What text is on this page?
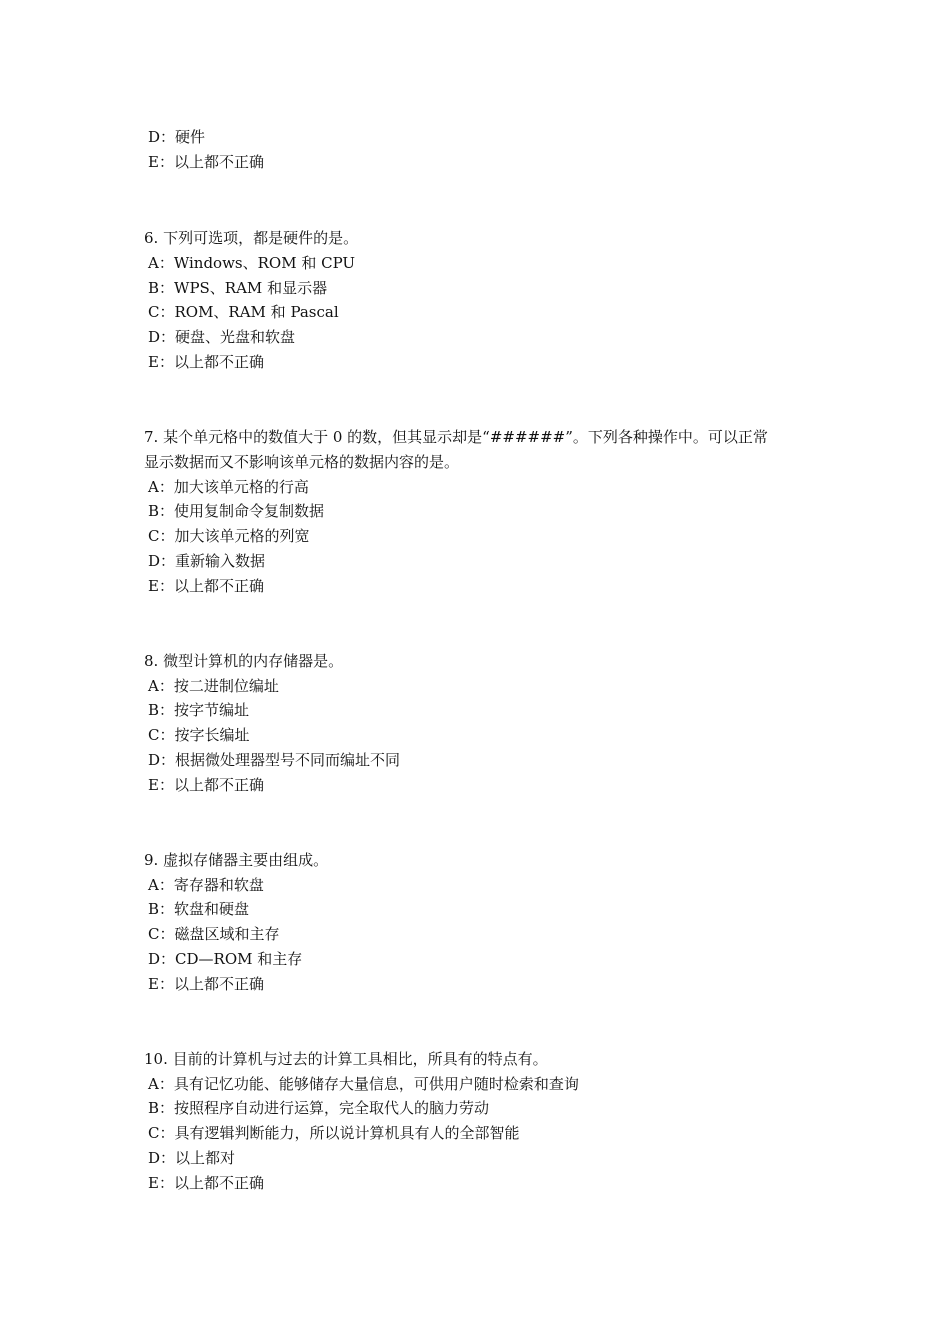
D：硬件
E：以上都不正确
6. 下列可选项，都是硬件的是。
A：Windows、ROM 和 CPU
B：WPS、RAM 和显示器
C：ROM、RAM 和 Pascal
D：硬盘、光盘和软盘
E：以上都不正确
7. 某个单元格中的数值大于 0 的数，但其显示却是“######”。下列各种操作中。可以正常
显示数据而又不影响该单元格的数据内容的是。
A：加大该单元格的行高
B：使用复制命令复制数据
C：加大该单元格的列宽
D：重新输入数据
E：以上都不正确
8. 微型计算机的内存储器是。
A：按二进制位编址
B：按字节编址
C：按字长编址
D：根据微处理器型号不同而编址不同
E：以上都不正确
9. 虚拟存储器主要由组成。
A：寄存器和软盘
B：软盘和硬盘
C：磁盘区域和主存
D：CD—ROM 和主存
E：以上都不正确
10. 目前的计算机与过去的计算工具相比，所具有的特点有。
A：具有记忆功能、能够储存大量信息，可供用户随时检索和查询
B：按照程序自动进行运算，完全取代人的脑力劳动
C：具有逻辑判断能力，所以说计算机具有人的全部智能
D：以上都对
E：以上都不正确
